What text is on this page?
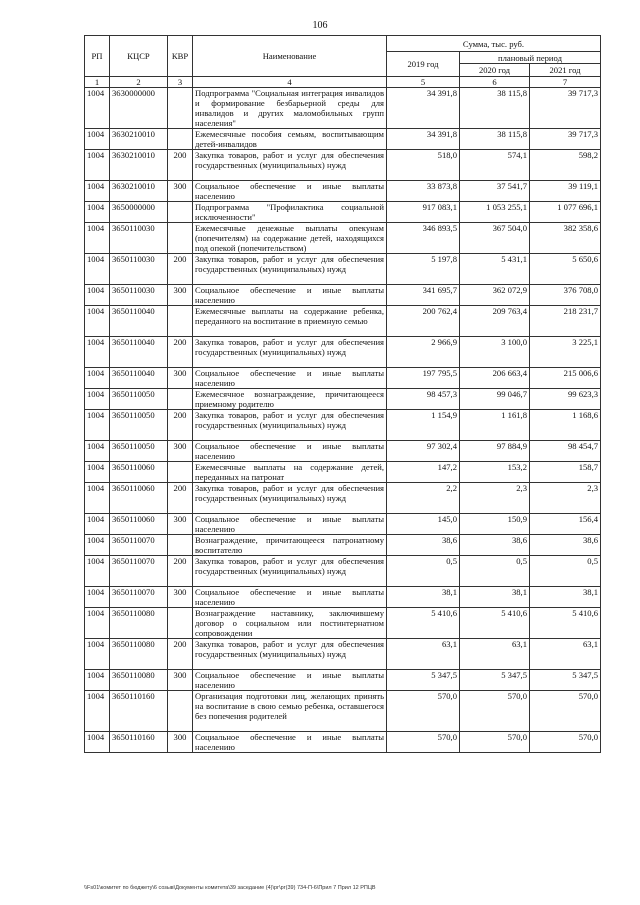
106
РП	КЦСР	КВР	Наименование	Сумма, тыс. руб.		
				2019 год	плановый период	
					2020 год	2021 год
1	2	3	4	5	6	7
1004	3630000000		Подпрограмма "Социальная интеграция инвалидов и формирование безбарьерной среды для инвалидов и других маломобильных групп населения"	34 391,8	38 115,8	39 717,3
1004	3630210010		Ежемесячные пособия семьям, воспитывающим детей-инвалидов	34 391,8	38 115,8	39 717,3
1004	3630210010	200	Закупка товаров, работ и услуг для обеспечения государственных (муниципальных) нужд	518,0	574,1	598,2
1004	3630210010	300	Социальное обеспечение и иные выплаты населению	33 873,8	37 541,7	39 119,1
1004	3650000000		Подпрограмма "Профилактика социальной исключенности"	917 083,1	1 053 255,1	1 077 696,1
1004	3650110030		Ежемесячные денежные выплаты опекунам (попечителям) на содержание детей, находящихся под опекой (попечительством)	346 893,5	367 504,0	382 358,6
1004	3650110030	200	Закупка товаров, работ и услуг для обеспечения государственных (муниципальных) нужд	5 197,8	5 431,1	5 650,6
1004	3650110030	300	Социальное обеспечение и иные выплаты населению	341 695,7	362 072,9	376 708,0
1004	3650110040		Ежемесячные выплаты на содержание ребенка, переданного на воспитание в приемную семью	200 762,4	209 763,4	218 231,7
1004	3650110040	200	Закупка товаров, работ и услуг для обеспечения государственных (муниципальных) нужд	2 966,9	3 100,0	3 225,1
1004	3650110040	300	Социальное обеспечение и иные выплаты населению	197 795,5	206 663,4	215 006,6
1004	3650110050		Ежемесячное вознаграждение, причитающееся приемному родителю	98 457,3	99 046,7	99 623,3
1004	3650110050	200	Закупка товаров, работ и услуг для обеспечения государственных (муниципальных) нужд	1 154,9	1 161,8	1 168,6
1004	3650110050	300	Социальное обеспечение и иные выплаты населению	97 302,4	97 884,9	98 454,7
1004	3650110060		Ежемесячные выплаты на содержание детей, переданных на патронат	147,2	153,2	158,7
1004	3650110060	200	Закупка товаров, работ и услуг для обеспечения государственных (муниципальных) нужд	2,2	2,3	2,3
1004	3650110060	300	Социальное обеспечение и иные выплаты населению	145,0	150,9	156,4
1004	3650110070		Вознаграждение, причитающееся патронатному воспитателю	38,6	38,6	38,6
1004	3650110070	200	Закупка товаров, работ и услуг для обеспечения государственных (муниципальных) нужд	0,5	0,5	0,5
1004	3650110070	300	Социальное обеспечение и иные выплаты населению	38,1	38,1	38,1
1004	3650110080		Вознаграждение наставнику, заключившему договор о социальном или постинтернатном сопровождении	5 410,6	5 410,6	5 410,6
1004	3650110080	200	Закупка товаров, работ и услуг для обеспечения государственных (муниципальных) нужд	63,1	63,1	63,1
1004	3650110080	300	Социальное обеспечение и иные выплаты населению	5 347,5	5 347,5	5 347,5
1004	3650110160		Организация подготовки лиц, желающих принять на воспитание в свою семью ребенка, оставшегося без попечения родителей	570,0	570,0	570,0
1004	3650110160	300	Социальное обеспечение и иные выплаты населению	570,0	570,0	570,0
\\Fs01\комитет по бюджету\6 созыв\Документы комитета\39 заседание (4)\рг\рг(39) 734-П-6\Прил 7 Прил 12 РПЦВ
